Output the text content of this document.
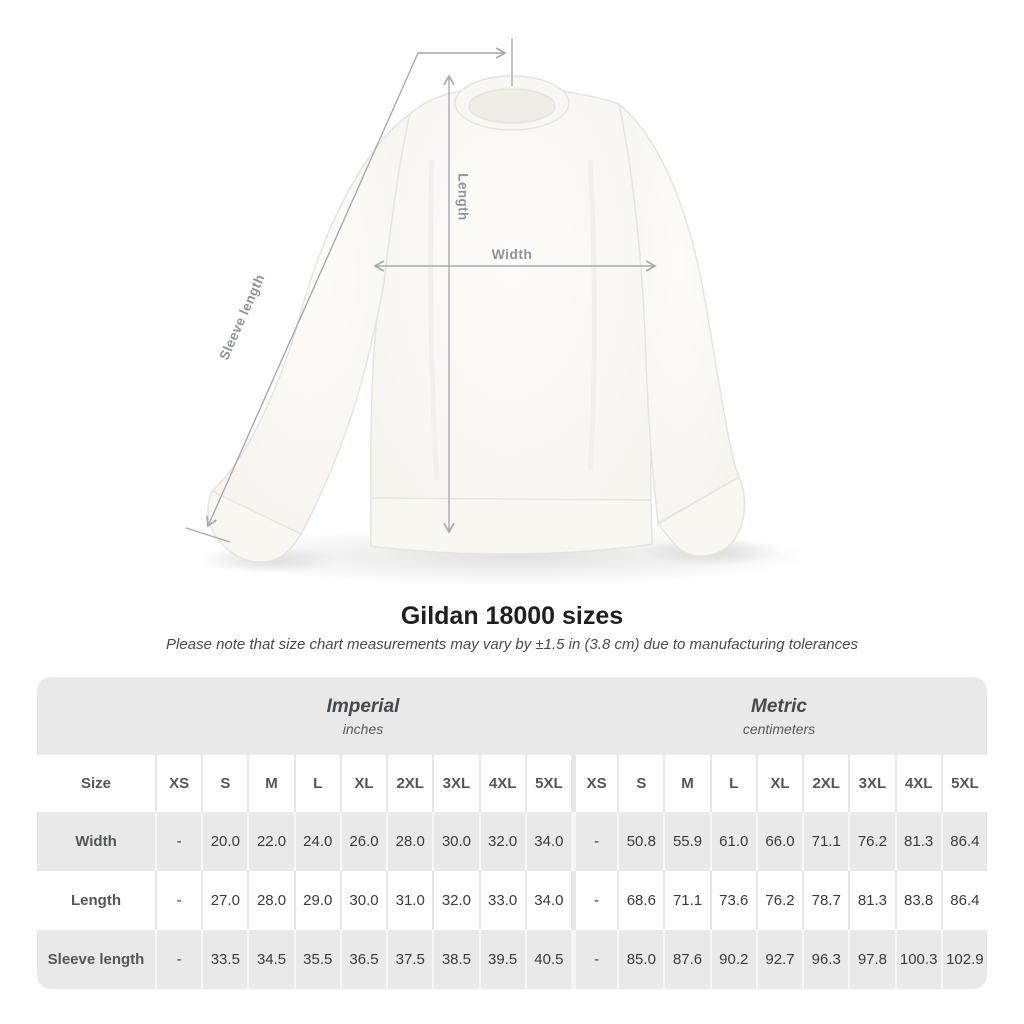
Sleeve length
Length
Width
Gildan 18000 sizes
Please note that size chart measurements may vary by ±1.5 in (3.8 cm) due to manufacturing tolerances
Imperial
inches
Metric
centimeters
Size	XS	S	M	L	XL	2XL	3XL	4XL	5XL	XS	S	M	L	XL	2XL	3XL	4XL	5XL
Width	-	20.0	22.0	24.0	26.0	28.0	30.0	32.0	34.0	-	50.8	55.9	61.0	66.0	71.1	76.2	81.3	86.4
Length	-	27.0	28.0	29.0	30.0	31.0	32.0	33.0	34.0	-	68.6	71.1	73.6	76.2	78.7	81.3	83.8	86.4
Sleeve length	-	33.5	34.5	35.5	36.5	37.5	38.5	39.5	40.5	-	85.0	87.6	90.2	92.7	96.3	97.8 100.3 102.9
